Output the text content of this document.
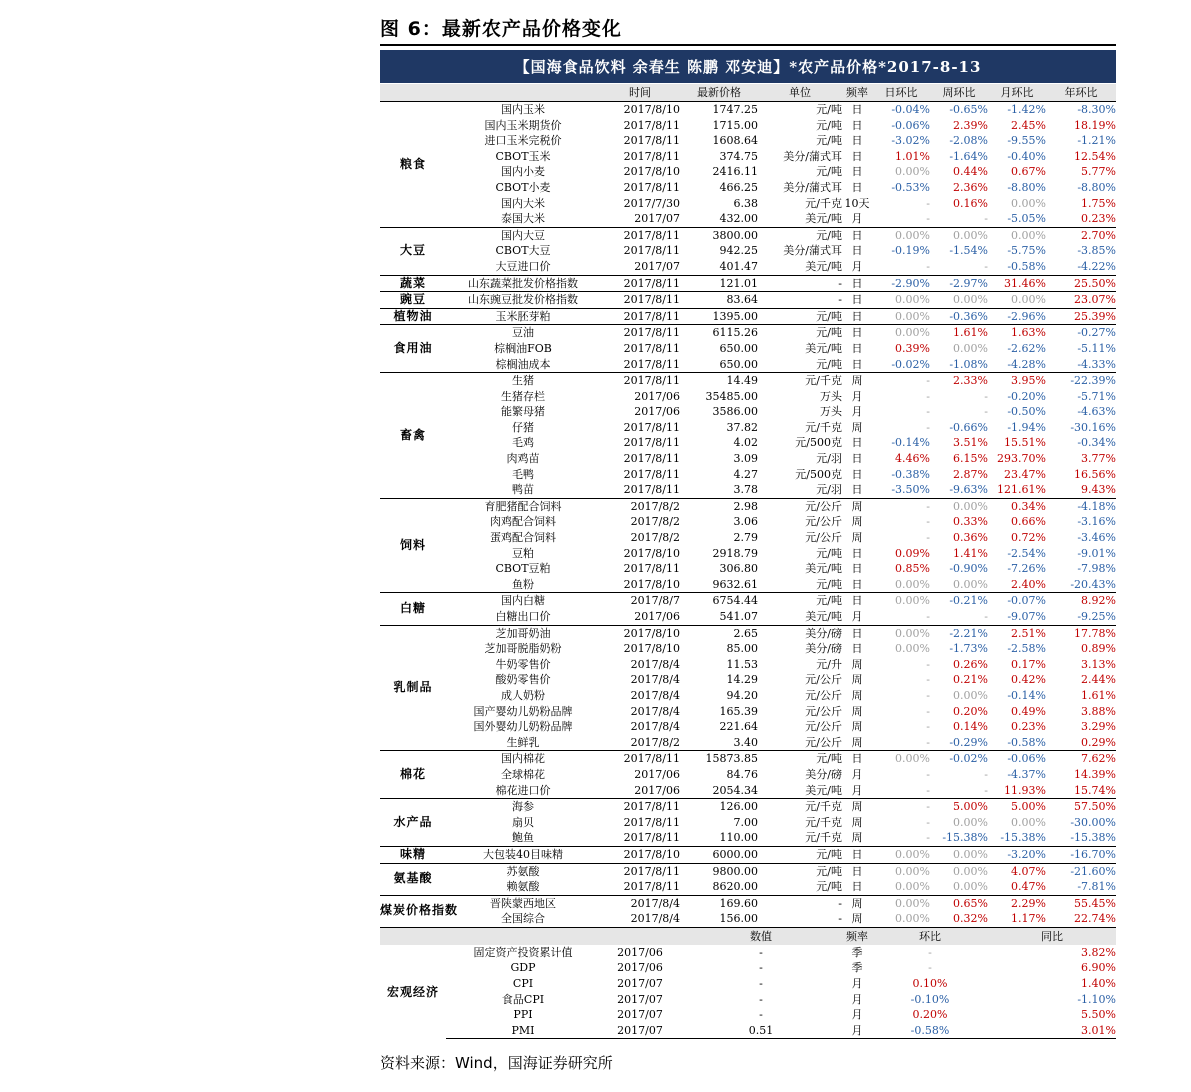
图 6：最新农产品价格变化
【国海食品饮料 余春生 陈鹏 邓安迪】*农产品价格*2017-8-13
		时间	最新价格	单位	频率	日环比	周环比	月环比	年环比
粮食	国内玉米	2017/8/10	1747.25	元/吨	日	-0.04%	-0.65%	-1.42%	-8.30%
	国内玉米期货价	2017/8/11	1715.00	元/吨	日	-0.06%	2.39%	2.45%	18.19%
	进口玉米完税价	2017/8/11	1608.64	元/吨	日	-3.02%	-2.08%	-9.55%	-1.21%
	CBOT玉米	2017/8/11	374.75	美分/蒲式耳	日	1.01%	-1.64%	-0.40%	12.54%
	国内小麦	2017/8/10	2416.11	元/吨	日	0.00%	0.44%	0.67%	5.77%
	CBOT小麦	2017/8/11	466.25	美分/蒲式耳	日	-0.53%	2.36%	-8.80%	-8.80%
	国内大米	2017/7/30	6.38	元/千克	10天	-	0.16%	0.00%	1.75%
	泰国大米	2017/07	432.00	美元/吨	月	-	-	-5.05%	0.23%
大豆	国内大豆	2017/8/11	3800.00	元/吨	日	0.00%	0.00%	0.00%	2.70%
	CBOT大豆	2017/8/11	942.25	美分/蒲式耳	日	-0.19%	-1.54%	-5.75%	-3.85%
	大豆进口价	2017/07	401.47	美元/吨	月	-	-	-0.58%	-4.22%
蔬菜	山东蔬菜批发价格指数	2017/8/11	121.01	-	日	-2.90%	-2.97%	31.46%	25.50%
豌豆	山东豌豆批发价格指数	2017/8/11	83.64	-	日	0.00%	0.00%	0.00%	23.07%
植物油	玉米胚芽粕	2017/8/11	1395.00	元/吨	日	0.00%	-0.36%	-2.96%	25.39%
食用油	豆油	2017/8/11	6115.26	元/吨	日	0.00%	1.61%	1.63%	-0.27%
	棕榈油FOB	2017/8/11	650.00	美元/吨	日	0.39%	0.00%	-2.62%	-5.11%
	棕榈油成本	2017/8/11	650.00	元/吨	日	-0.02%	-1.08%	-4.28%	-4.33%
畜禽	生猪	2017/8/11	14.49	元/千克	周	-	2.33%	3.95%	-22.39%
	生猪存栏	2017/06	35485.00	万头	月	-	-	-0.20%	-5.71%
	能繁母猪	2017/06	3586.00	万头	月	-	-	-0.50%	-4.63%
	仔猪	2017/8/11	37.82	元/千克	周	-	-0.66%	-1.94%	-30.16%
	毛鸡	2017/8/11	4.02	元/500克	日	-0.14%	3.51%	15.51%	-0.34%
	肉鸡苗	2017/8/11	3.09	元/羽	日	4.46%	6.15%	293.70%	3.77%
	毛鸭	2017/8/11	4.27	元/500克	日	-0.38%	2.87%	23.47%	16.56%
	鸭苗	2017/8/11	3.78	元/羽	日	-3.50%	-9.63%	121.61%	9.43%
饲料	育肥猪配合饲料	2017/8/2	2.98	元/公斤	周	-	0.00%	0.34%	-4.18%
	肉鸡配合饲料	2017/8/2	3.06	元/公斤	周	-	0.33%	0.66%	-3.16%
	蛋鸡配合饲料	2017/8/2	2.79	元/公斤	周	-	0.36%	0.72%	-3.46%
	豆粕	2017/8/10	2918.79	元/吨	日	0.09%	1.41%	-2.54%	-9.01%
	CBOT豆粕	2017/8/11	306.80	美元/吨	日	0.85%	-0.90%	-7.26%	-7.98%
	鱼粉	2017/8/10	9632.61	元/吨	日	0.00%	0.00%	2.40%	-20.43%
白糖	国内白糖	2017/8/7	6754.44	元/吨	日	0.00%	-0.21%	-0.07%	8.92%
	白糖出口价	2017/06	541.07	美元/吨	月	-	-	-9.07%	-9.25%
乳制品	芝加哥奶油	2017/8/10	2.65	美分/磅	日	0.00%	-2.21%	2.51%	17.78%
	芝加哥脱脂奶粉	2017/8/10	85.00	美分/磅	日	0.00%	-1.73%	-2.58%	0.89%
	牛奶零售价	2017/8/4	11.53	元/升	周	-	0.26%	0.17%	3.13%
	酸奶零售价	2017/8/4	14.29	元/公斤	周	-	0.21%	0.42%	2.44%
	成人奶粉	2017/8/4	94.20	元/公斤	周	-	0.00%	-0.14%	1.61%
	国产婴幼儿奶粉品牌	2017/8/4	165.39	元/公斤	周	-	0.20%	0.49%	3.88%
	国外婴幼儿奶粉品牌	2017/8/4	221.64	元/公斤	周	-	0.14%	0.23%	3.29%
	生鲜乳	2017/8/2	3.40	元/公斤	周	-	-0.29%	-0.58%	0.29%
棉花	国内棉花	2017/8/11	15873.85	元/吨	日	0.00%	-0.02%	-0.06%	7.62%
	全球棉花	2017/06	84.76	美分/磅	月	-	-	-4.37%	14.39%
	棉花进口价	2017/06	2054.34	美元/吨	月	-	-	11.93%	15.74%
水产品	海参	2017/8/11	126.00	元/千克	周	-	5.00%	5.00%	57.50%
	扇贝	2017/8/11	7.00	元/千克	周	-	0.00%	0.00%	-30.00%
	鲍鱼	2017/8/11	110.00	元/千克	周	-	-15.38%	-15.38%	-15.38%
味精	大包装40目味精	2017/8/10	6000.00	元/吨	日	0.00%	0.00%	-3.20%	-16.70%
氨基酸	苏氨酸	2017/8/11	9800.00	元/吨	日	0.00%	0.00%	4.07%	-21.60%
	赖氨酸	2017/8/11	8620.00	元/吨	日	0.00%	0.00%	0.47%	-7.81%
煤炭价格指数	晋陕蒙西地区	2017/8/4	169.60	-	周	0.00%	0.65%	2.29%	55.45%
	全国综合	2017/8/4	156.00	-	周	0.00%	0.32%	1.17%	22.74%
			数值		频率	环比		同比	
宏观经济	固定资产投资累计值	2017/06	-		季	-		3.82%	
	GDP	2017/06	-		季	-		6.90%	
	CPI	2017/07	-		月	0.10%		1.40%	
	食品CPI	2017/07	-		月	-0.10%		-1.10%	
	PPI	2017/07	-		月	0.20%		5.50%	
	PMI	2017/07	0.51		月	-0.58%		3.01%	
资料来源：Wind，国海证券研究所
